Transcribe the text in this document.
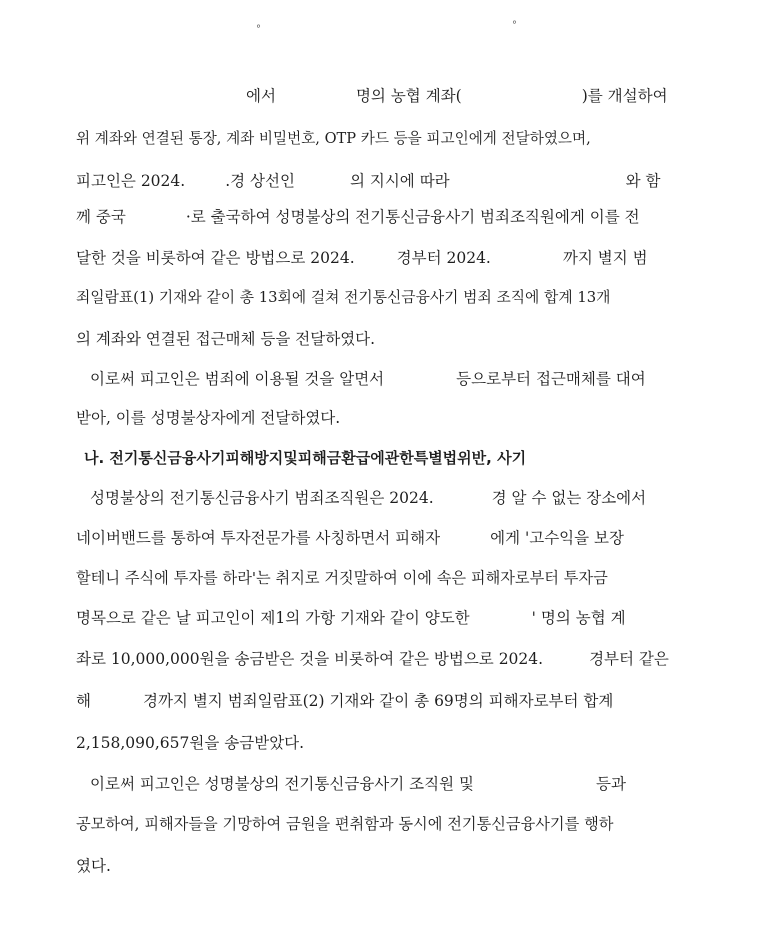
°	°
에서	명의 농협 계좌(	)를 개설하여
위 계좌와 연결된 통장, 계좌 비밀번호, OTP 카드 등을 피고인에게 전달하였으며,
피고인은 2024.	.경 상선인	의 지시에 따라	와 함
께 중국	·로 출국하여 성명불상의 전기통신금융사기 범죄조직원에게 이를 전
달한 것을 비롯하여 같은 방법으로 2024.	경부터 2024.	까지 별지 범
죄일람표(1) 기재와 같이 총 13회에 걸쳐 전기통신금융사기 범죄 조직에 합계 13개
의 계좌와 연결된 접근매체 등을 전달하였다.
이로써 피고인은 범죄에 이용될 것을 알면서	등으로부터 접근매체를 대여
받아, 이를 성명불상자에게 전달하였다.
나. 전기통신금융사기피해방지및피해금환급에관한특별법위반, 사기
성명불상의 전기통신금융사기 범죄조직원은 2024.	경 알 수 없는 장소에서
네이버밴드를 통하여 투자전문가를 사칭하면서 피해자	에게 '고수익을 보장
할테니 주식에 투자를 하라'는 취지로 거짓말하여 이에 속은 피해자로부터 투자금
명목으로 같은 날 피고인이 제1의 가항 기재와 같이 양도한	' 명의 농협 계
좌로 10,000,000원을 송금받은 것을 비롯하여 같은 방법으로 2024.	경부터 같은
해	경까지 별지 범죄일람표(2) 기재와 같이 총 69명의 피해자로부터 합계
2,158,090,657원을 송금받았다.
이로써 피고인은 성명불상의 전기통신금융사기 조직원 및	등과
공모하여, 피해자들을 기망하여 금원을 편취함과 동시에 전기통신금융사기를 행하
였다.
